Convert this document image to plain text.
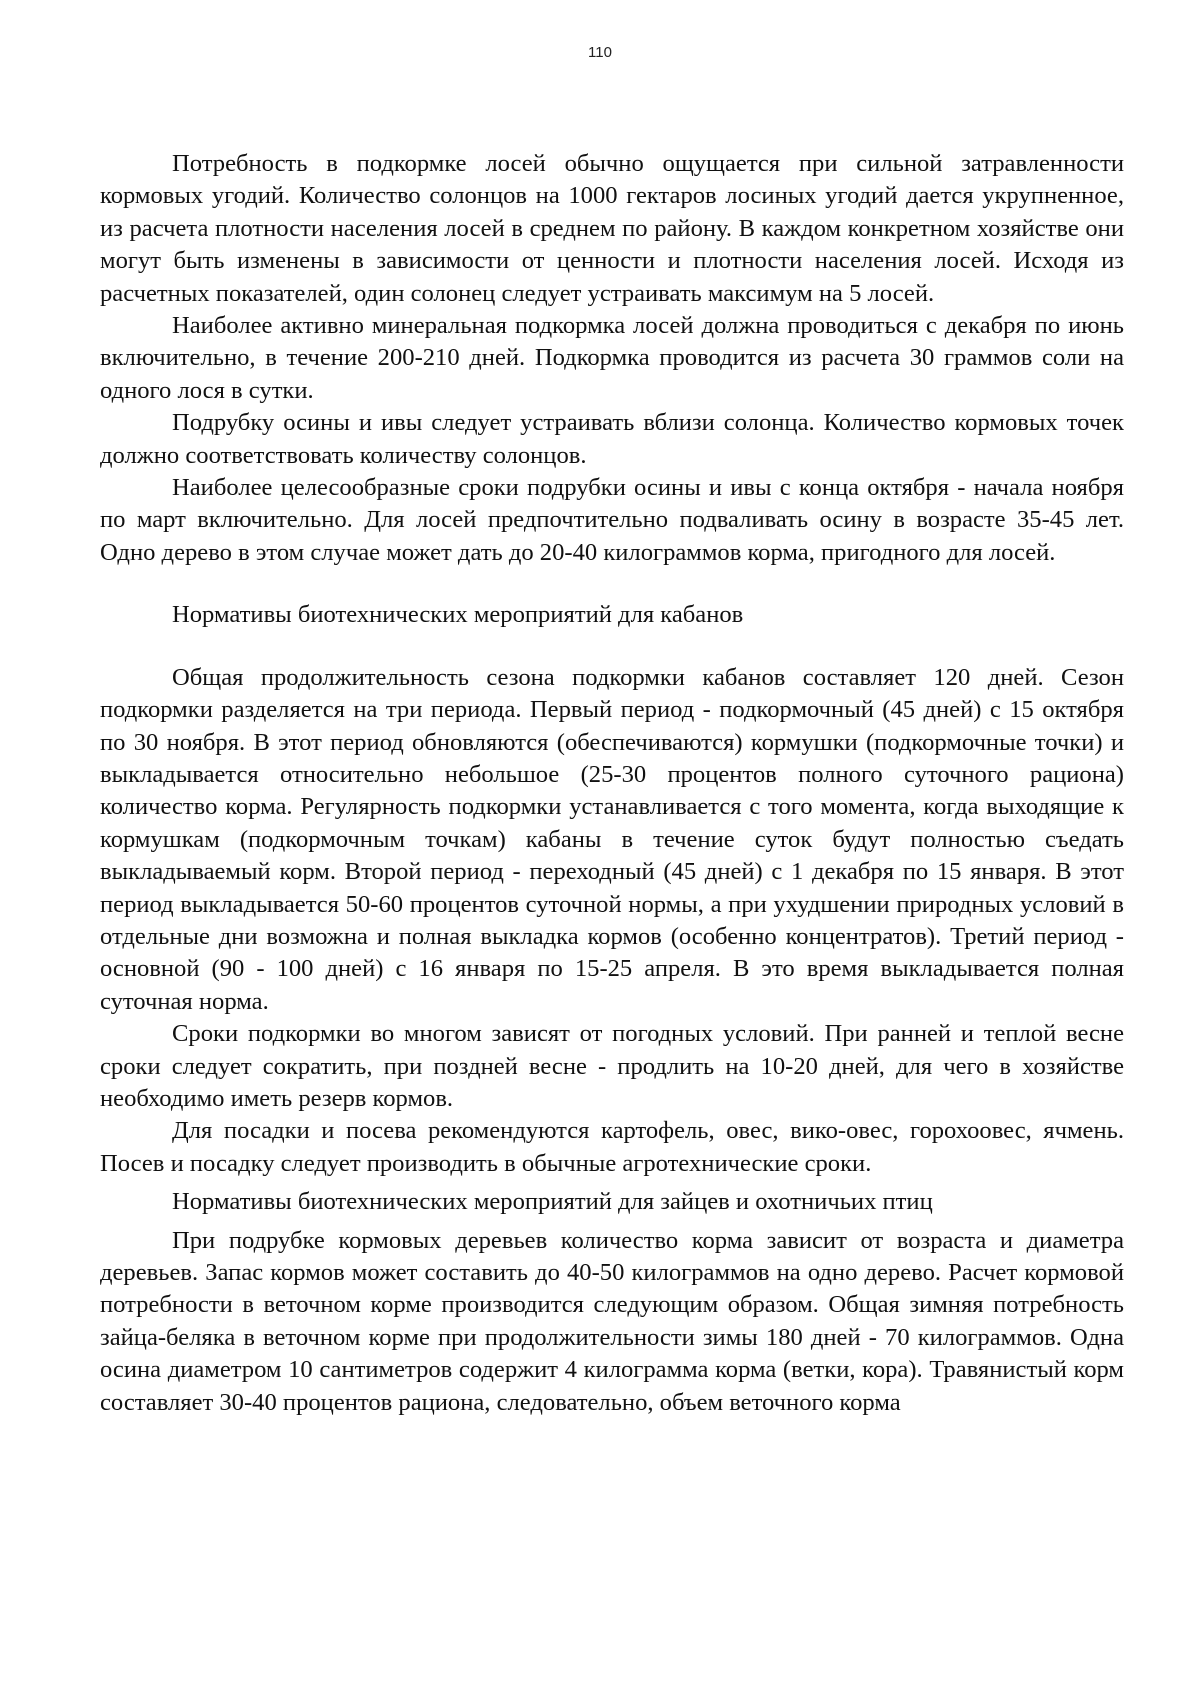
110

Потребность в подкормке лосей обычно ощущается при сильной затравленности кормовых угодий. Количество солонцов на 1000 гектаров лосиных угодий дается укрупненное, из расчета плотности населения лосей в среднем по району. В каждом конкретном хозяйстве они могут быть изменены в зависимости от ценности и плотности населения лосей. Исходя из расчетных показателей, один солонец следует устраивать максимум на 5 лосей.

Наиболее активно минеральная подкормка лосей должна проводиться с декабря по июнь включительно, в течение 200-210 дней. Подкормка проводится из расчета 30 граммов соли на одного лося в сутки.

Подрубку осины и ивы следует устраивать вблизи солонца. Количество кормовых точек должно соответствовать количеству солонцов.

Наиболее целесообразные сроки подрубки осины и ивы с конца октября - начала ноября по март включительно. Для лосей предпочтительно подваливать осину в возрасте 35-45 лет. Одно дерево в этом случае может дать до 20-40 килограммов корма, пригодного для лосей.

Нормативы биотехнических мероприятий для кабанов

Общая продолжительность сезона подкормки кабанов составляет 120 дней. Сезон подкормки разделяется на три периода. Первый период - подкормочный (45 дней) с 15 октября по 30 ноября. В этот период обновляются (обеспечиваются) кормушки (подкормочные точки) и выкладывается относительно небольшое (25-30 процентов полного суточного рациона) количество корма. Регулярность подкормки устанавливается с того момента, когда выходящие к кормушкам (подкормочным точкам) кабаны в течение суток будут полностью съедать выкладываемый корм. Второй период - переходный (45 дней) с 1 декабря по 15 января. В этот период выкладывается 50-60 процентов суточной нормы, а при ухудшении природных условий в отдельные дни возможна и полная выкладка кормов (особенно концентратов). Третий период - основной (90 - 100 дней) с 16 января по 15-25 апреля. В это время выкладывается полная суточная норма.

Сроки подкормки во многом зависят от погодных условий. При ранней и теплой весне сроки следует сократить, при поздней весне - продлить на 10-20 дней, для чего в хозяйстве необходимо иметь резерв кормов.

Для посадки и посева рекомендуются картофель, овес, вико-овес, горохоовес, ячмень. Посев и посадку следует производить в обычные агротехнические сроки.

Нормативы биотехнических мероприятий для зайцев и охотничьих птиц

При подрубке кормовых деревьев количество корма зависит от возраста и диаметра деревьев. Запас кормов может составить до 40-50 килограммов на одно дерево. Расчет кормовой потребности в веточном корме производится следующим образом. Общая зимняя потребность зайца-беляка в веточном корме при продолжительности зимы 180 дней - 70 килограммов. Одна осина диаметром 10 сантиметров содержит 4 килограмма корма (ветки, кора). Травянистый корм составляет 30-40 процентов рациона, следовательно, объем веточного корма
